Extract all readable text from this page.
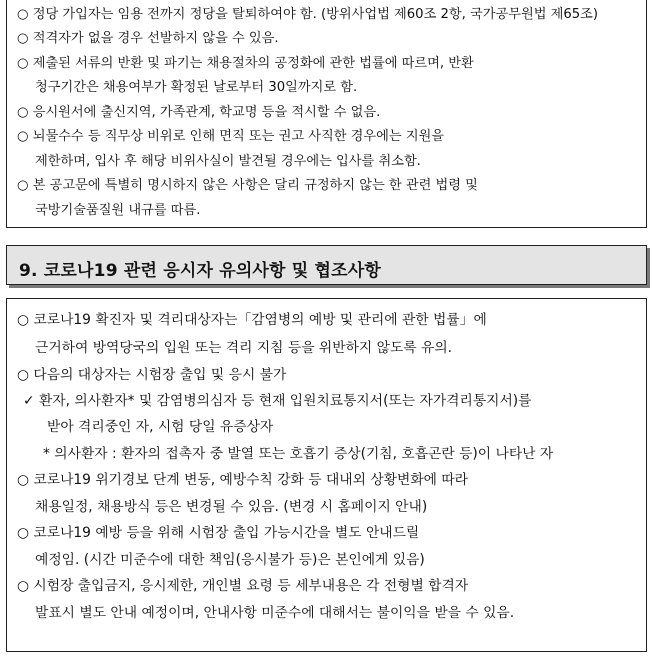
○ 정당 가입자는 임용 전까지 정당을 탈퇴하여야 함. (방위사업법 제60조 2항, 국가공무원법 제65조)
○ 적격자가 없을 경우 선발하지 않을 수 있음.
○ 제출된 서류의 반환 및 파기는 채용절차의 공정화에 관한 법률에 따르며, 반환
청구기간은 채용여부가 확정된 날로부터 30일까지로 함.
○ 응시원서에 출신지역, 가족관계, 학교명 등을 적시할 수 없음.
○ 뇌물수수 등 직무상 비위로 인해 면직 또는 권고 사직한 경우에는 지원을
제한하며, 입사 후 해당 비위사실이 발견될 경우에는 입사를 취소함.
○ 본 공고문에 특별히 명시하지 않은 사항은 달리 규정하지 않는 한 관련 법령 및
국방기술품질원 내규를 따름.
9. 코로나19 관련 응시자 유의사항 및 협조사항
○ 코로나19 확진자 및 격리대상자는「감염병의 예방 및 관리에 관한 법률」에
근거하여 방역당국의 입원 또는 격리 지침 등을 위반하지 않도록 유의.
○ 다음의 대상자는 시험장 출입 및 응시 불가
✓ 환자, 의사환자* 및 감염병의심자 등 현재 입원치료통지서(또는 자가격리통지서)를
받아 격리중인 자, 시험 당일 유증상자
* 의사환자 : 환자의 접촉자 중 발열 또는 호흡기 증상(기침, 호흡곤란 등)이 나타난 자
○ 코로나19 위기경보 단계 변동, 예방수칙 강화 등 대내외 상황변화에 따라
채용일정, 채용방식 등은 변경될 수 있음. (변경 시 홈페이지 안내)
○ 코로나19 예방 등을 위해 시험장 출입 가능시간을 별도 안내드릴
예정임. (시간 미준수에 대한 책임(응시불가 등)은 본인에게 있음)
○ 시험장 출입금지, 응시제한, 개인별 요령 등 세부내용은 각 전형별 합격자
발표시 별도 안내 예정이며, 안내사항 미준수에 대해서는 불이익을 받을 수 있음.
